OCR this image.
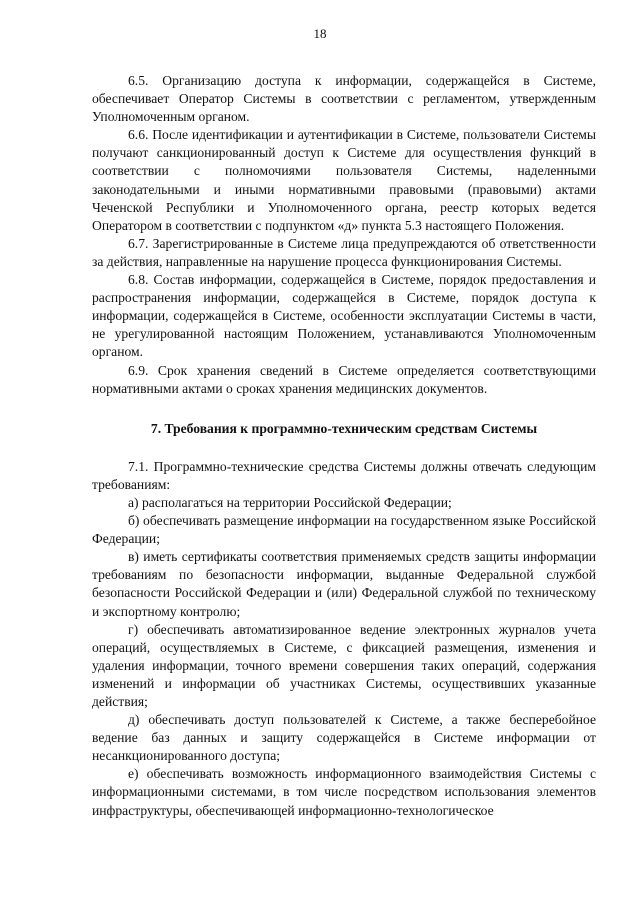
18

6.5. Организацию доступа к информации, содержащейся в Системе, обеспечивает Оператор Системы в соответствии с регламентом, утвержденным Уполномоченным органом.

6.6. После идентификации и аутентификации в Системе, пользователи Системы получают санкционированный доступ к Системе для осуществления функций в соответствии с полномочиями пользователя Системы, наделенными законодательными и иными нормативными правовыми (правовыми) актами Чеченской Республики и Уполномоченного органа, реестр которых ведется Оператором в соответствии с подпунктом «д» пункта 5.3 настоящего Положения.

6.7. Зарегистрированные в Системе лица предупреждаются об ответственности за действия, направленные на нарушение процесса функционирования Системы.

6.8. Состав информации, содержащейся в Системе, порядок предоставления и распространения информации, содержащейся в Системе, порядок доступа к информации, содержащейся в Системе, особенности эксплуатации Системы в части, не урегулированной настоящим Положением, устанавливаются Уполномоченным органом.

6.9. Срок хранения сведений в Системе определяется соответствующими нормативными актами о сроках хранения медицинских документов.

7. Требования к программно-техническим средствам Системы

7.1. Программно-технические средства Системы должны отвечать следующим требованиям:

а) располагаться на территории Российской Федерации;

б) обеспечивать размещение информации на государственном языке Российской Федерации;

в) иметь сертификаты соответствия применяемых средств защиты информации требованиям по безопасности информации, выданные Федеральной службой безопасности Российской Федерации и (или) Федеральной службой по техническому и экспортному контролю;

г) обеспечивать автоматизированное ведение электронных журналов учета операций, осуществляемых в Системе, с фиксацией размещения, изменения и удаления информации, точного времени совершения таких операций, содержания изменений и информации об участниках Системы, осуществивших указанные действия;

д) обеспечивать доступ пользователей к Системе, а также бесперебойное ведение баз данных и защиту содержащейся в Системе информации от несанкционированного доступа;

е) обеспечивать возможность информационного взаимодействия Системы с информационными системами, в том числе посредством использования элементов инфраструктуры, обеспечивающей информационно-технологическое
